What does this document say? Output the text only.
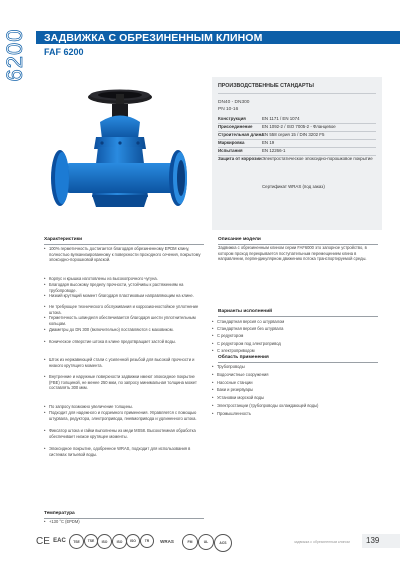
6200 ЗАДВИЖКА С ОБРЕЗИНЕННЫМ КЛИНОМ
FAF 6200
ПРОИЗВОДСТВЕННЫЕ СТАНДАРТЫ
DN40 - DN300
PN 10-16
Конструкция	EN 1171 / EN 1074
Присоединение EN 1092-2 / ISO 7005-2 - Фланцевое
Строительная длина
EN 558 серия 15 / DIN 3202 F5
Маркировка	EN 19
Испытания	EN 12266-1
Защита от коррозии Электростатическое эпоксидно-порошковое покрытие
Сертификат WRAS (под заказ)
Характеристики
• 100% герметичность достигается благодаря обрезиненному EPDM клину, полностью вулканизированному к поверхности проходного сечения, покрытому эпоксидно-порошковой краской.
• Корпус и крышка изготовлены из высокопрочного чугуна.
• Благодаря высокому пределу прочности, устойчивы к растяжениям на трубопроводе.
• Низкий крутящий момент благодаря пластиковым направляющим на клине.
• Не требующее технического обслуживания и коррозионностойкое уплотнение штока.
• Герметичность шпинделя обеспечивается благодаря шести уплотнительным кольцам.
• Диаметры до DN 300 (включительно) поставляются с маховиком.
• Коническое отверстие штока в клине предотвращает застой воды.
• Шток из нержавеющей стали с усиленной резьбой для высокой прочности и низкого крутящего момента.
• Внутренние и наружные поверхности задвижки имеют эпоксидное покрытие (FBE) толщиной, не менее 250 мкм, по запросу минимальная толщина может составлять 300 мкм.
• По запросу возможно увеличение толщины.
• Подходит для надежного и подземного применения. Управляется с помощью штурвала, редуктора, электропривода, пневмопривода и удлиненного штока.
• Фиксатор штока и гайки выполнены из меди MS58. Высокотемная обработка обеспечивает низкое крутящее моменты.
• Эпоксидное покрытие, одобренное WRAS, подходит для использования в системах питьевой воды.
Температура
• +130 °C (EPDM)
Описание модели
Задвижка с обрезиненным клином серии FAF6000 это запорное устройство, в котором проход перекрывается поступательным перемещением клина в направлении, перпендикулярном движению потока транспортируемой среды.
Варианты исполнений
• Стандартная версия со штурвалом
• Стандартная версия без штурвала
• С редуктором
• С редуктором под электропривод
• С электроприводом
Область применения
• Трубопроводы
• Водоочистные сооружения
• Насосные станции
• Баки и резервуары
• Установки морской воды
• Электростанции (трубопроводы охлаждающей воды)
• Промышленность
CE EAC TSE TSE ISO	ISO ISO	TR WRAS	FM	UL	ACS	задвижка с обрезиненным клином 139
